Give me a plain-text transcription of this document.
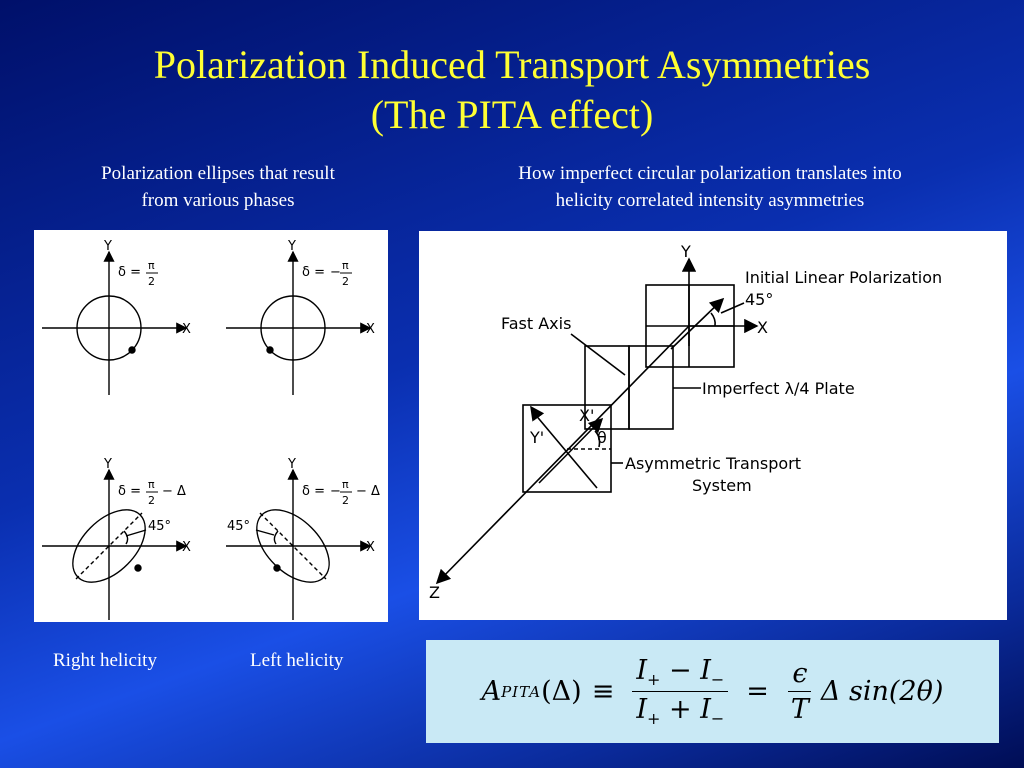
Polarization Induced Transport Asymmetries
(The PITA effect)
Polarization ellipses that result
from various phases
How imperfect circular polarization translates into
helicity correlated intensity asymmetries
Y
X
δ = π
2
Y
X
δ = − π
2
Y
X
δ = π
2
− Δ
45°
Y
X
δ = − π
2
− Δ
45°
Y
X
Z
Initial Linear Polarization
45°
Fast Axis
Imperfect λ/4 Plate
X'
Y'	θ
Asymmetric Transport
System
Right helicity	Left helicity
A PITA $(\Delta) \equiv \frac{I_+ - I_-}{I_+ + I_-} = \frac{\epsilon}{T}$ Δ sin(2θ)
